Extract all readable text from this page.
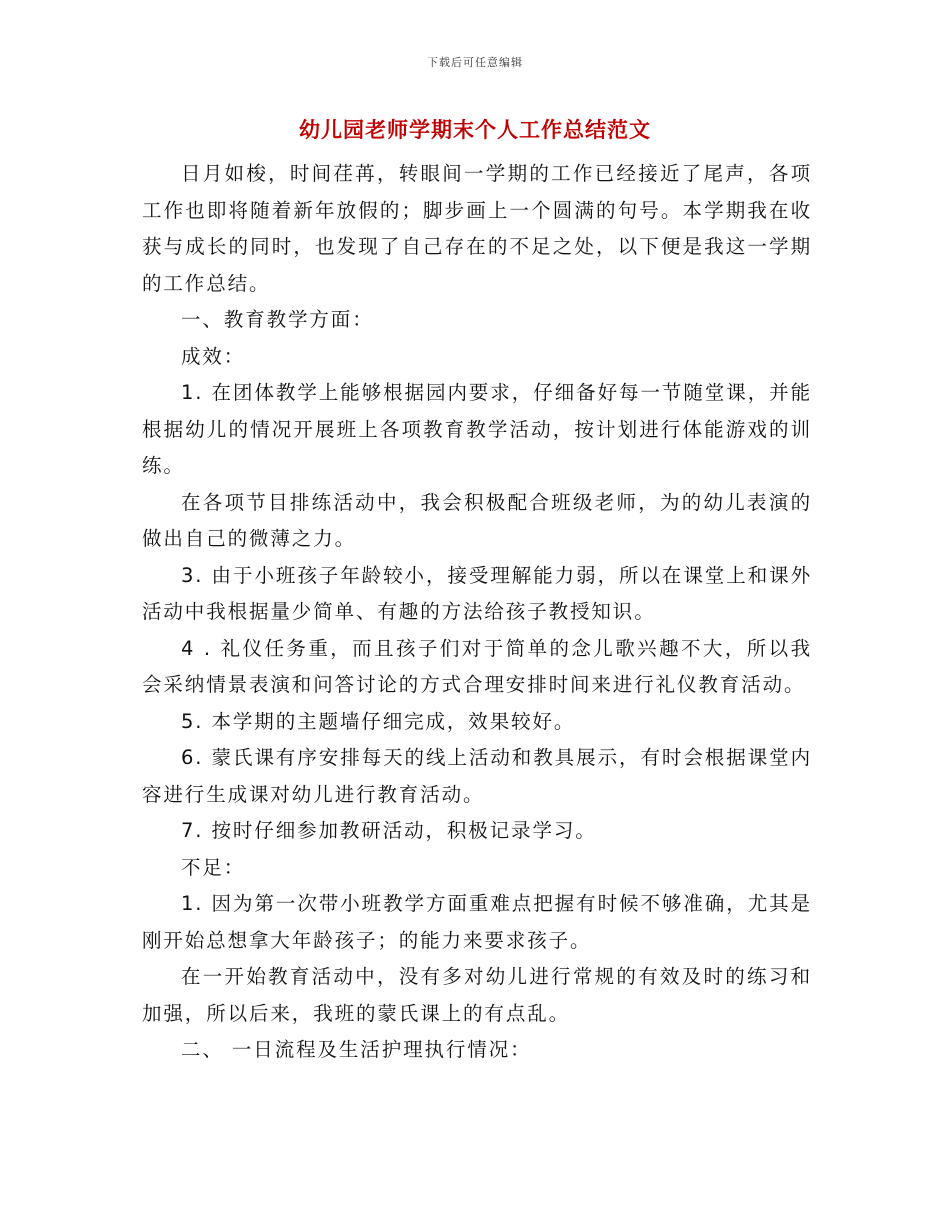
下载后可任意编辑
幼儿园老师学期末个人工作总结范文

日月如梭，时间荏苒，转眼间一学期的工作已经接近了尾声，各项工作也即将随着新年放假的；脚步画上一个圆满的句号。本学期我在收获与成长的同时，也发现了自己存在的不足之处，以下便是我这一学期的工作总结。

一、教育教学方面：

成效：

1. 在团体教学上能够根据园内要求，仔细备好每一节随堂课，并能根据幼儿的情况开展班上各项教育教学活动，按计划进行体能游戏的训练。

在各项节目排练活动中，我会积极配合班级老师，为的幼儿表演的做出自己的微薄之力。

3. 由于小班孩子年龄较小，接受理解能力弱，所以在课堂上和课外活动中我根据量少简单、有趣的方法给孩子教授知识。

4 . 礼仪任务重，而且孩子们对于简单的念儿歌兴趣不大，所以我会采纳情景表演和问答讨论的方式合理安排时间来进行礼仪教育活动。

5. 本学期的主题墙仔细完成，效果较好。

6. 蒙氏课有序安排每天的线上活动和教具展示，有时会根据课堂内容进行生成课对幼儿进行教育活动。

7. 按时仔细参加教研活动，积极记录学习。

不足：

1. 因为第一次带小班教学方面重难点把握有时候不够准确，尤其是刚开始总想拿大年龄孩子；的能力来要求孩子。

在一开始教育活动中，没有多对幼儿进行常规的有效及时的练习和加强，所以后来，我班的蒙氏课上的有点乱。

二、 一日流程及生活护理执行情况：
